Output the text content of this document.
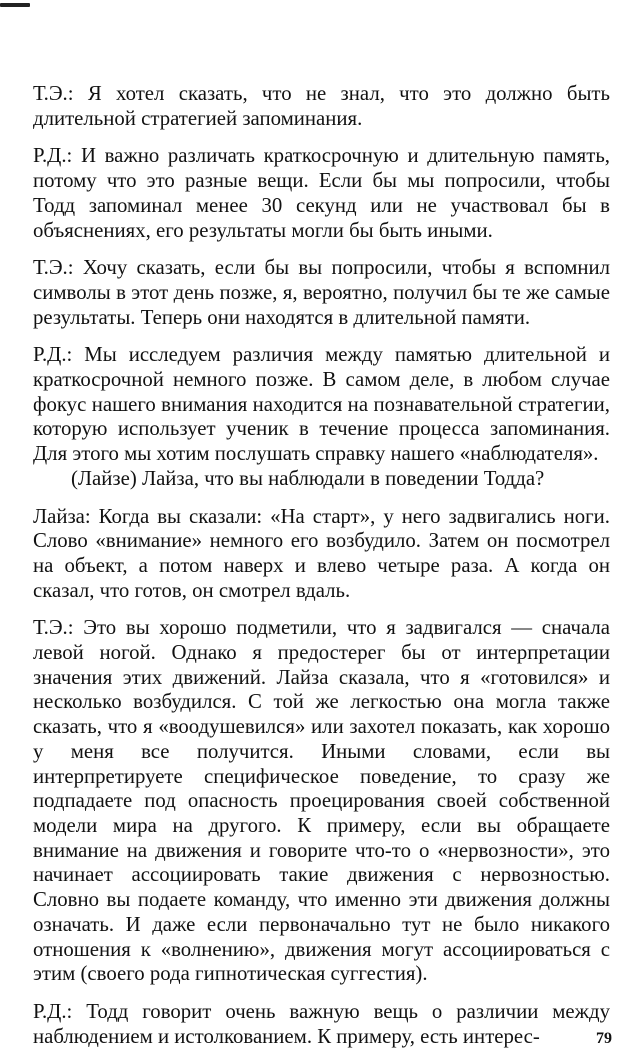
Т.Э.: Я хотел сказать, что не знал, что это должно быть длительной стратегией запоминания.

Р.Д.: И важно различать краткосрочную и длительную память, потому что это разные вещи. Если бы мы попросили, чтобы Тодд запоминал менее 30 секунд или не участвовал бы в объяснениях, его результаты могли бы быть иными.

Т.Э.: Хочу сказать, если бы вы попросили, чтобы я вспомнил символы в этот день позже, я, вероятно, получил бы те же самые результаты. Теперь они находятся в длительной памяти.

Р.Д.: Мы исследуем различия между памятью длительной и краткосрочной немного позже. В самом деле, в любом случае фокус нашего внимания находится на познавательной стратегии, которую использует ученик в течение процесса запоминания. Для этого мы хотим послушать справку нашего «наблюдателя».

(Лайзе) Лайза, что вы наблюдали в поведении Тодда?

Лайза: Когда вы сказали: «На старт», у него задвигались ноги. Слово «внимание» немного его возбудило. Затем он посмотрел на объект, а потом наверх и влево четыре раза. А когда он сказал, что готов, он смотрел вдаль.

Т.Э.: Это вы хорошо подметили, что я задвигался — сначала левой ногой. Однако я предостерег бы от интерпретации значения этих движений. Лайза сказала, что я «готовился» и несколько возбудился. С той же легкостью она могла также сказать, что я «воодушевился» или захотел показать, как хорошо у меня все получится. Иными словами, если вы интерпретируете специфическое поведение, то сразу же подпадаете под опасность проецирования своей собственной модели мира на другого. К примеру, если вы обращаете внимание на движения и говорите что-то о «нервозности», это начинает ассоциировать такие движения с нервозностью. Словно вы подаете команду, что именно эти движения должны означать. И даже если первоначально тут не было никакого отношения к «волнению», движения могут ассоциироваться с этим (своего рода гипнотическая суггестия).

Р.Д.: Тодд говорит очень важную вещь о различии между наблюдением и истолкованием. К примеру, есть интерес-	79
